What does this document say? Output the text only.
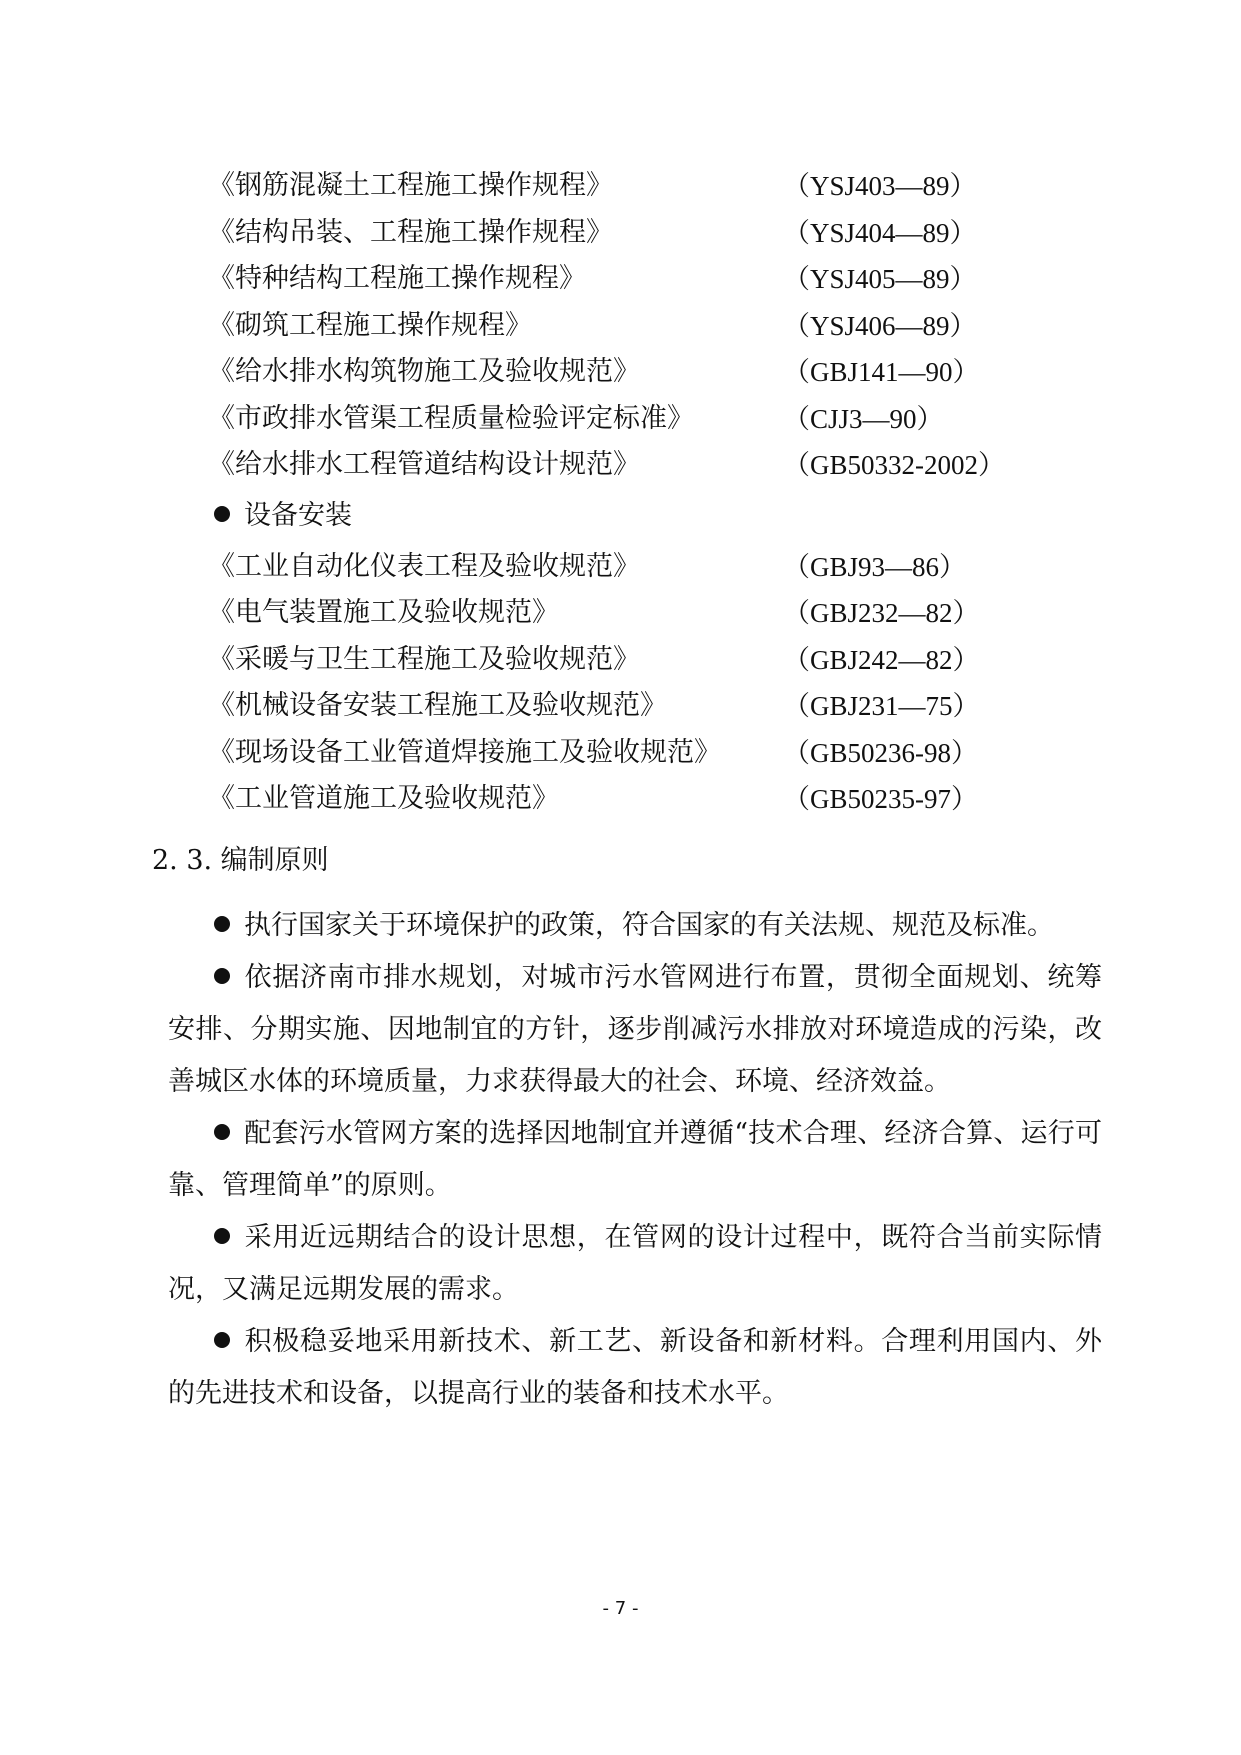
《钢筋混凝土工程施工操作规程》	（YSJ403—89）
《结构吊装、工程施工操作规程》	（YSJ404—89）
《特种结构工程施工操作规程》	（YSJ405—89）
《砌筑工程施工操作规程》	（YSJ406—89）
《给水排水构筑物施工及验收规范》	（GBJ141—90）
《市政排水管渠工程质量检验评定标准》	（CJJ3—90）
《给水排水工程管道结构设计规范》	（GB50332-2002）
设备安装
《工业自动化仪表工程及验收规范》	（GBJ93—86）
《电气装置施工及验收规范》	（GBJ232—82）
《采暖与卫生工程施工及验收规范》	（GBJ242—82）
《机械设备安装工程施工及验收规范》	（GBJ231—75）
《现场设备工业管道焊接施工及验收规范》 （GB50236-98）
《工业管道施工及验收规范》	（GB50235-97）
2. 3. 编制原则

执行国家关于环境保护的政策，符合国家的有关法规、规范及标准。

依据济南市排水规划，对城市污水管网进行布置，贯彻全面规划、统筹安排、分期实施、因地制宜的方针，逐步削减污水排放对环境造成的污染，改善城区水体的环境质量，力求获得最大的社会、环境、经济效益。

配套污水管网方案的选择因地制宜并遵循“技术合理、经济合算、运行可靠、管理简单”的原则。

采用近远期结合的设计思想，在管网的设计过程中，既符合当前实际情况，又满足远期发展的需求。

积极稳妥地采用新技术、新工艺、新设备和新材料。合理利用国内、外的先进技术和设备，以提高行业的装备和技术水平。

- 7 -
